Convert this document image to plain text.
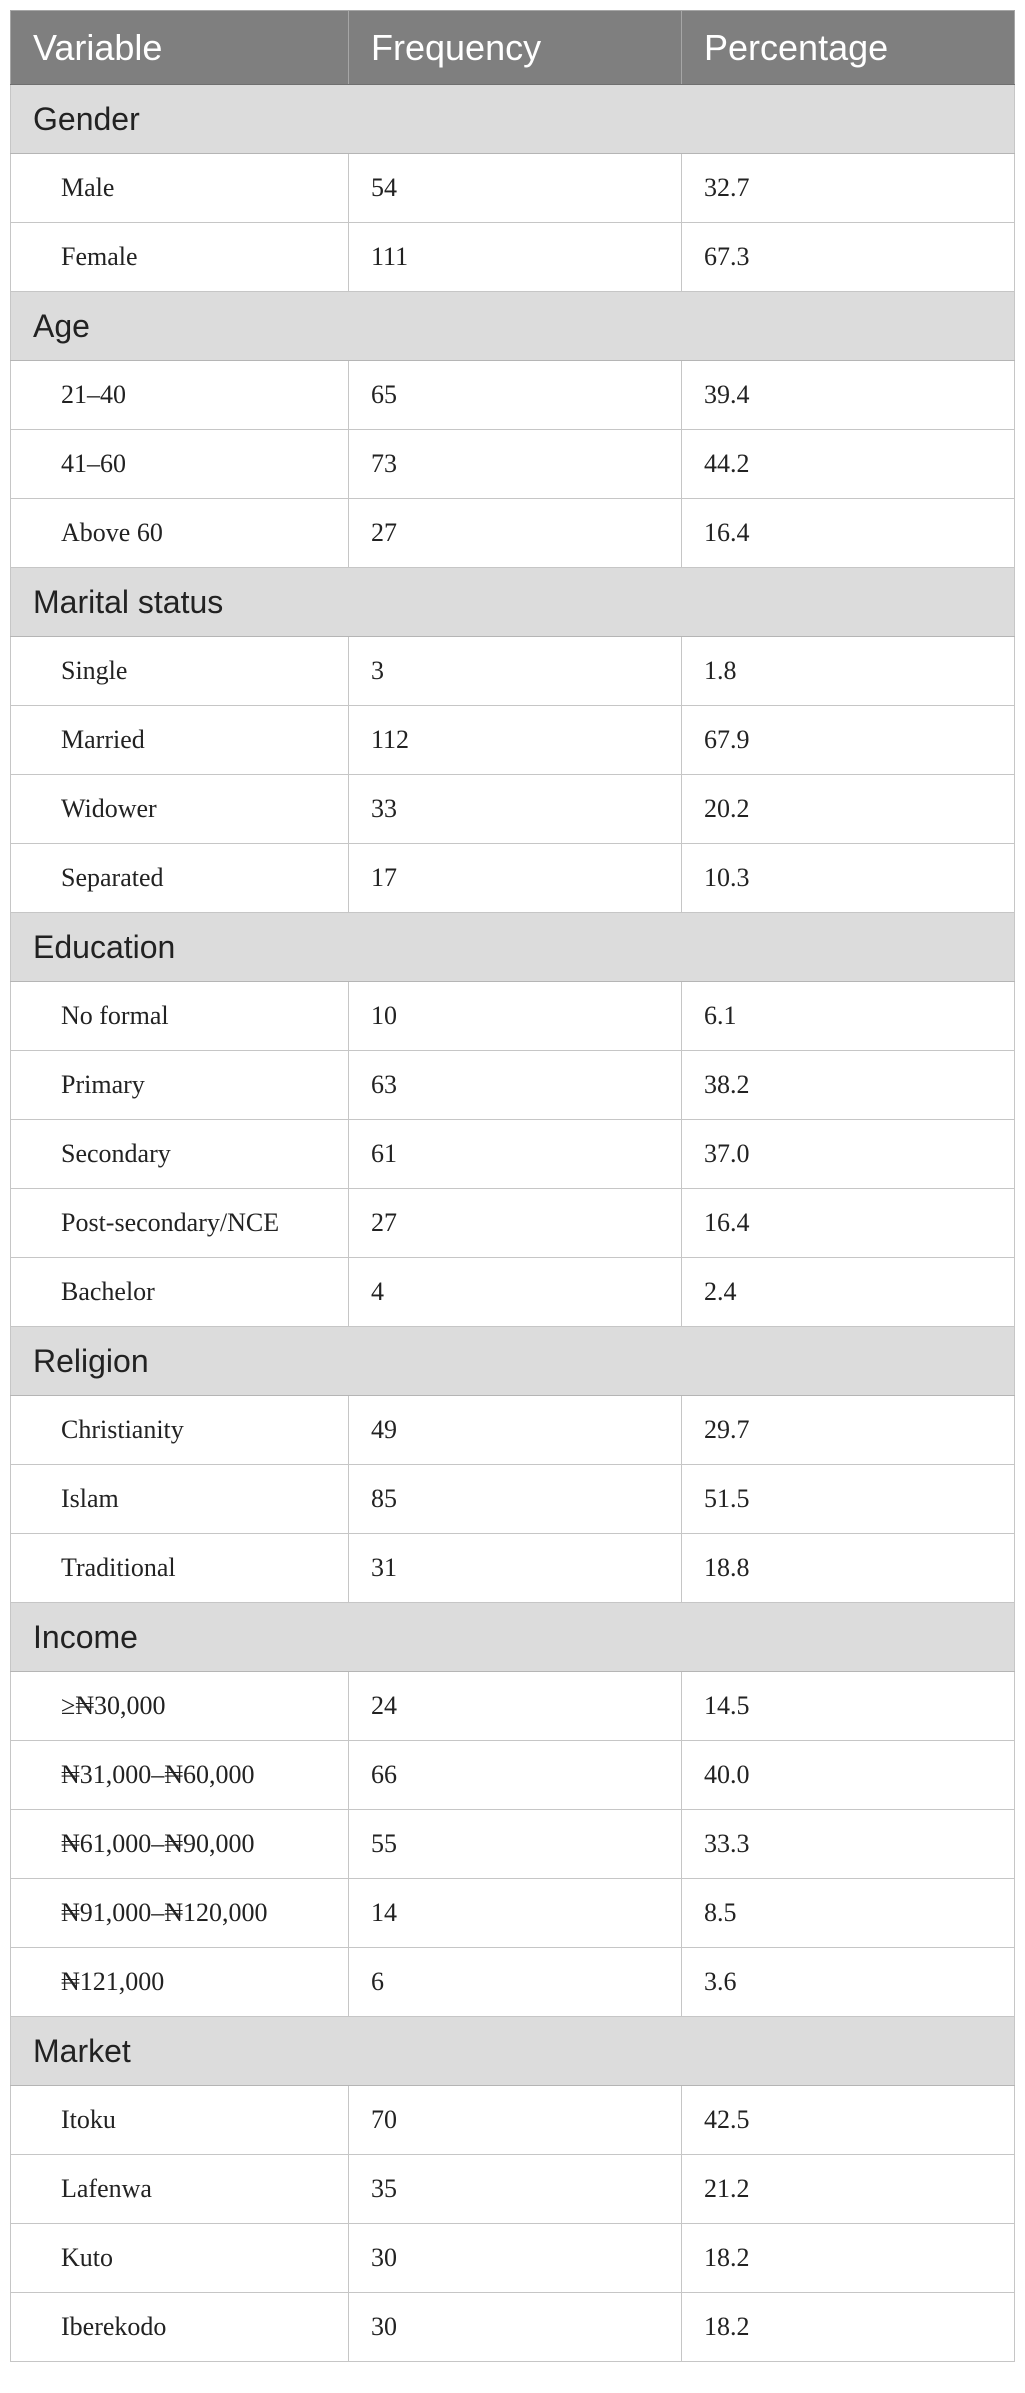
Variable	Frequency	Percentage
Gender		
Male	54	32.7
Female	111	67.3
Age		
21–40	65	39.4
41–60	73	44.2
Above 60	27	16.4
Marital status		
Single	3	1.8
Married	112	67.9
Widower	33	20.2
Separated	17	10.3
Education		
No formal	10	6.1
Primary	63	38.2
Secondary	61	37.0
Post-secondary/NCE	27	16.4
Bachelor	4	2.4
Religion		
Christianity	49	29.7
Islam	85	51.5
Traditional	31	18.8
Income		
≥₦30,000	24	14.5
₦31,000–₦60,000	66	40.0
₦61,000–₦90,000	55	33.3
₦91,000–₦120,000	14	8.5
₦121,000	6	3.6
Market		
Itoku	70	42.5
Lafenwa	35	21.2
Kuto	30	18.2
Iberekodo	30	18.2
